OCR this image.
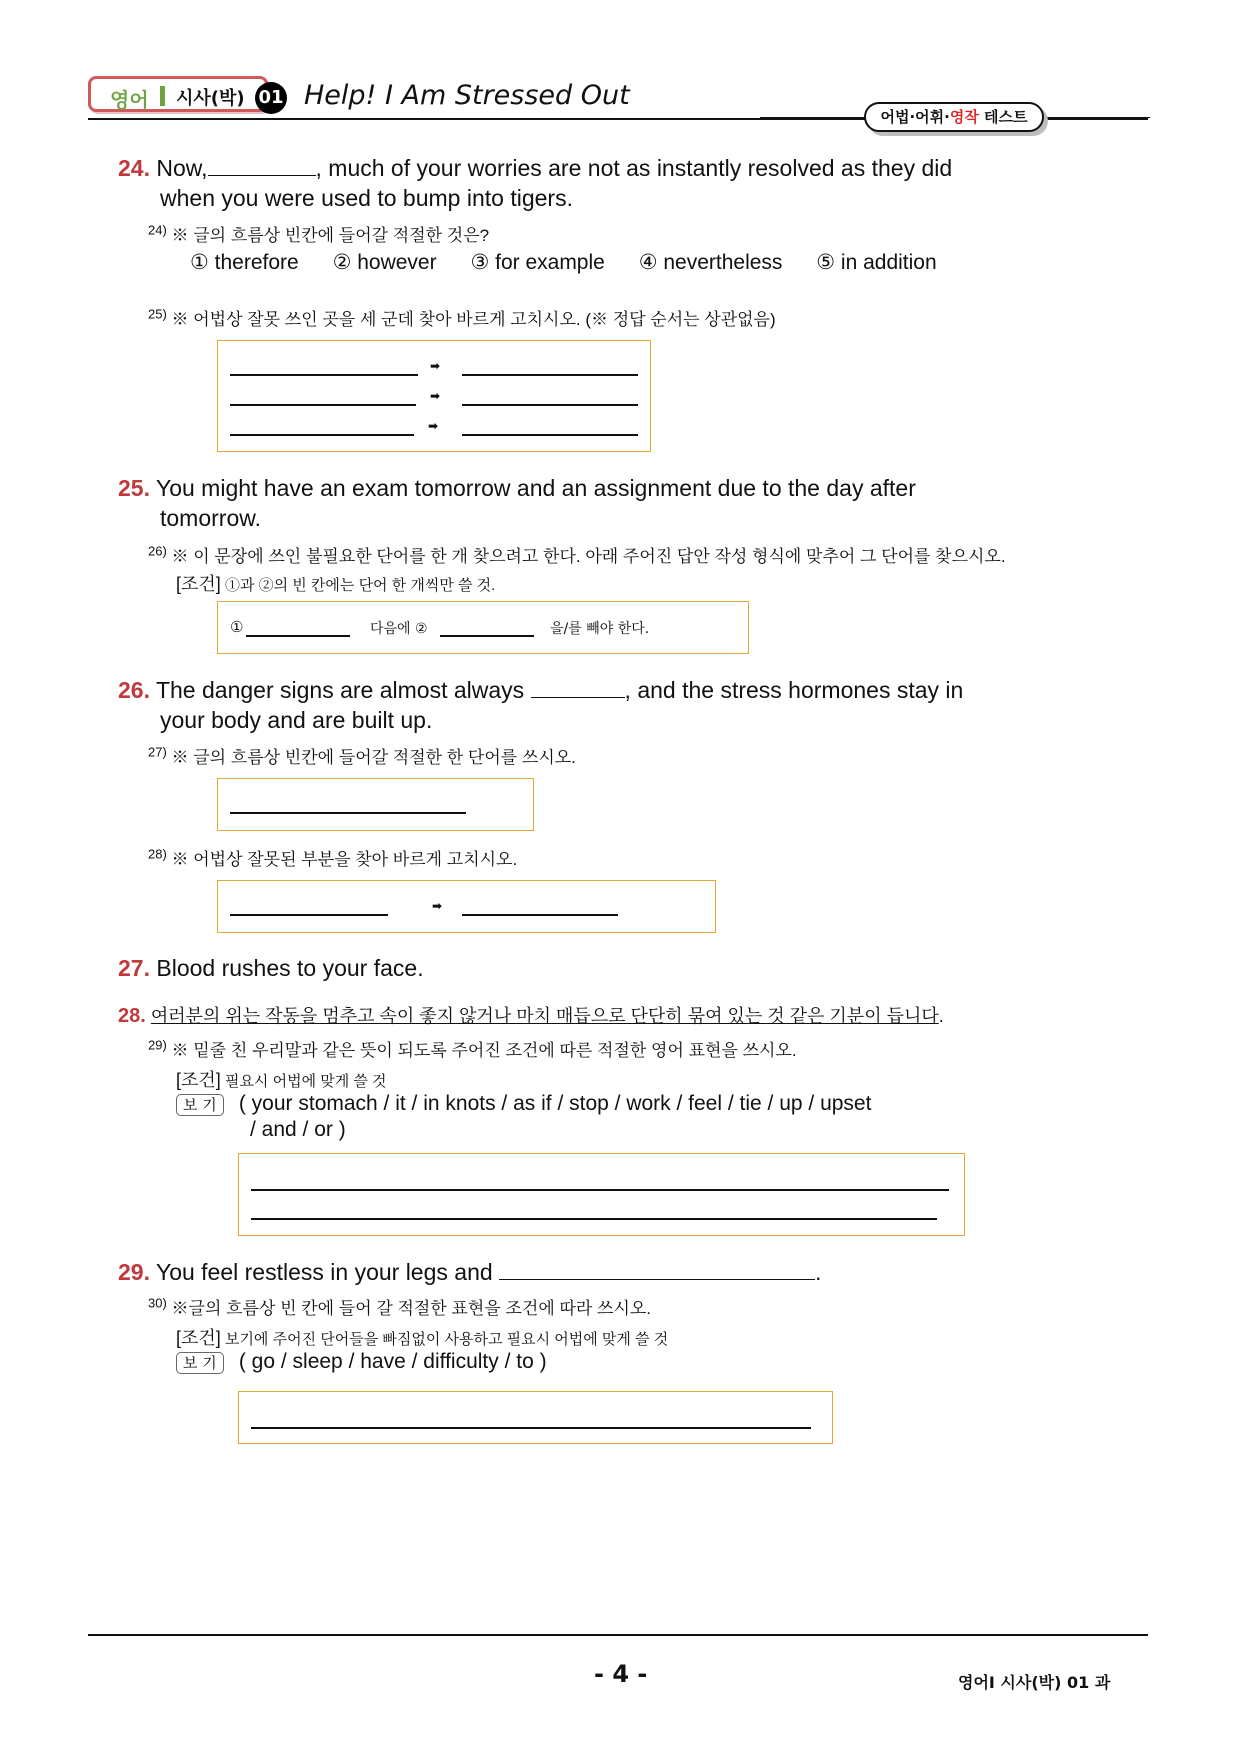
영어 시사(박) 01 Help! I Am Stressed Out
어법·어휘·영작 테스트
24. Now,	, much of your worries are not as instantly resolved as they did
when you were used to bump into tigers.
$^{24)}$ ※ 글의 흐름상 빈칸에 들어갈 적절한 것은?
① therefore ② however ③ for example ④ nevertheless ⑤ in addition
$^{25)}$ ※ 어법상 잘못 쓰인 곳을 세 군데 찾아 바르게 고치시오. (※ 정답 순서는 상관없음)
➡
➡
➡
25. You might have an exam tomorrow and an assignment due to the day after
tomorrow.
$^{26)}$ ※ 이 문장에 쓰인 불필요한 단어를 한 개 찾으려고 한다. 아래 주어진 답안 작성 형식에 맞추어 그 단어를 찾으시오.
[조건] ①과 ②의 빈 칸에는 단어 한 개씩만 쓸 것.
①	다음에 ②	을/를 빼야 한다.
26. The danger signs are almost always	, and the stress hormones stay in
your body and are built up.
$^{27)}$ ※ 글의 흐름상 빈칸에 들어갈 적절한 한 단어를 쓰시오.
$^{28)}$ ※ 어법상 잘못된 부분을 찾아 바르게 고치시오.
➡
27. Blood rushes to your face.
28. 여러분의 위는 작동을 멈추고 속이 좋지 않거나 마치 매듭으로 단단히 묶여 있는 것 같은 기분이 듭니다.
$^{29)}$ ※ 밑줄 친 우리말과 같은 뜻이 되도록 주어진 조건에 따른 적절한 영어 표현을 쓰시오.
[조건] 필요시 어법에 맞게 쓸 것
보 기 ( your stomach / it / in knots / as if / stop / work / feel / tie / up / upset
/ and / or )
29. You feel restless in your legs and	.
$^{30)}$ ※글의 흐름상 빈 칸에 들어 갈 적절한 표현을 조건에 따라 쓰시오.
[조건] 보기에 주어진 단어들을 빠짐없이 사용하고 필요시 어법에 맞게 쓸 것
보 기 ( go / sleep / have / difficulty / to )
- 4 -	영어Ⅰ 시사(박) 01 과
